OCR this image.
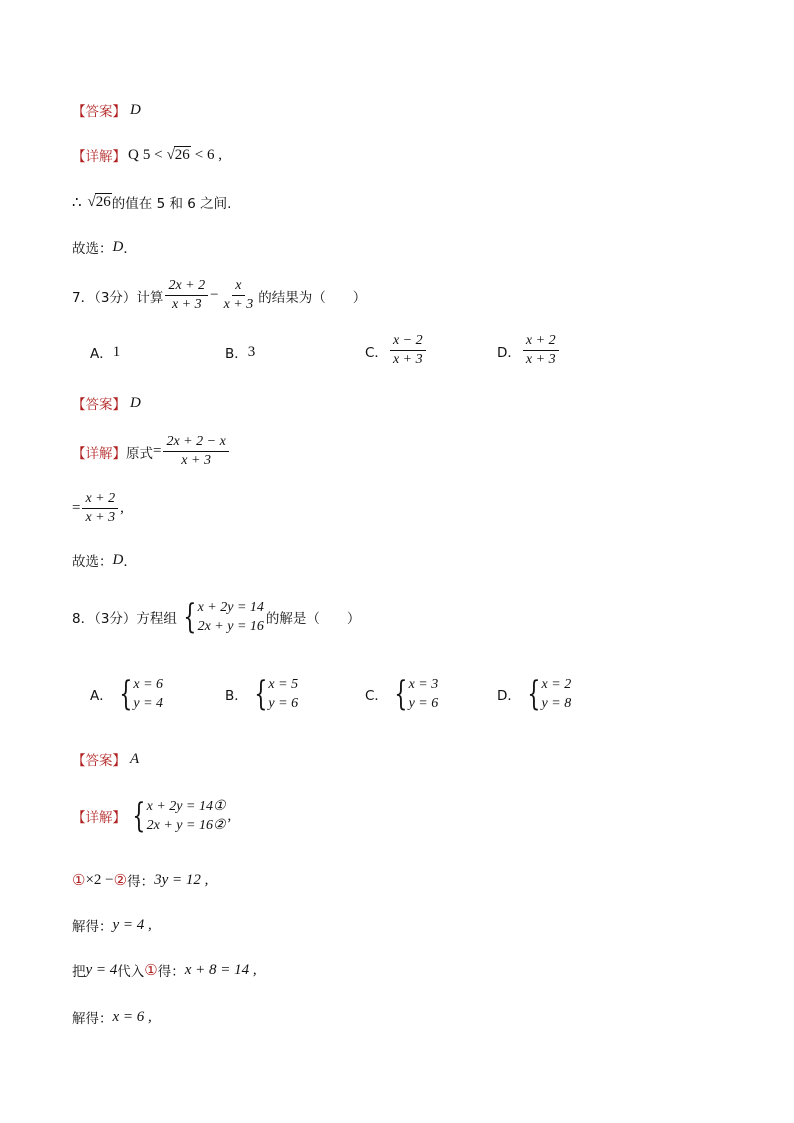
【答案】 D
【详解】 Q 5 < √26 < 6 ,
∴ √26 的值在 5 和 6 之间.
故选： D ．
7．（3分）计算 $\frac{2x + 2}{x + 3} - \frac{x}{x + 3}$ 的结果为（　　）
A． 1	B． 3	C． $\frac{x - 2}{x + 3}$	D． $\frac{x + 2}{x + 3}$
【答案】 D
【详解】 原式 = $\frac{2x + 2 - x}{x + 3}$
= $\frac{x + 2}{x + 3}$ ,
故选： D ．
8．（3分）方程组 { x + 2y = 14
2x + y = 16 的解是（　　）
A． { x = 6
y = 4	B． { x = 5
y = 6	C． { x = 3
y = 6	D． { x = 2
y = 8
【答案】 A
【详解】 { x + 2y = 14①
2x + y = 16②
,
① ×2 − ② 得： 3y = 12 ,
解得： y = 4 ,
把 y = 4 代入 ① 得： x + 8 = 14 ,
解得： x = 6 ,
